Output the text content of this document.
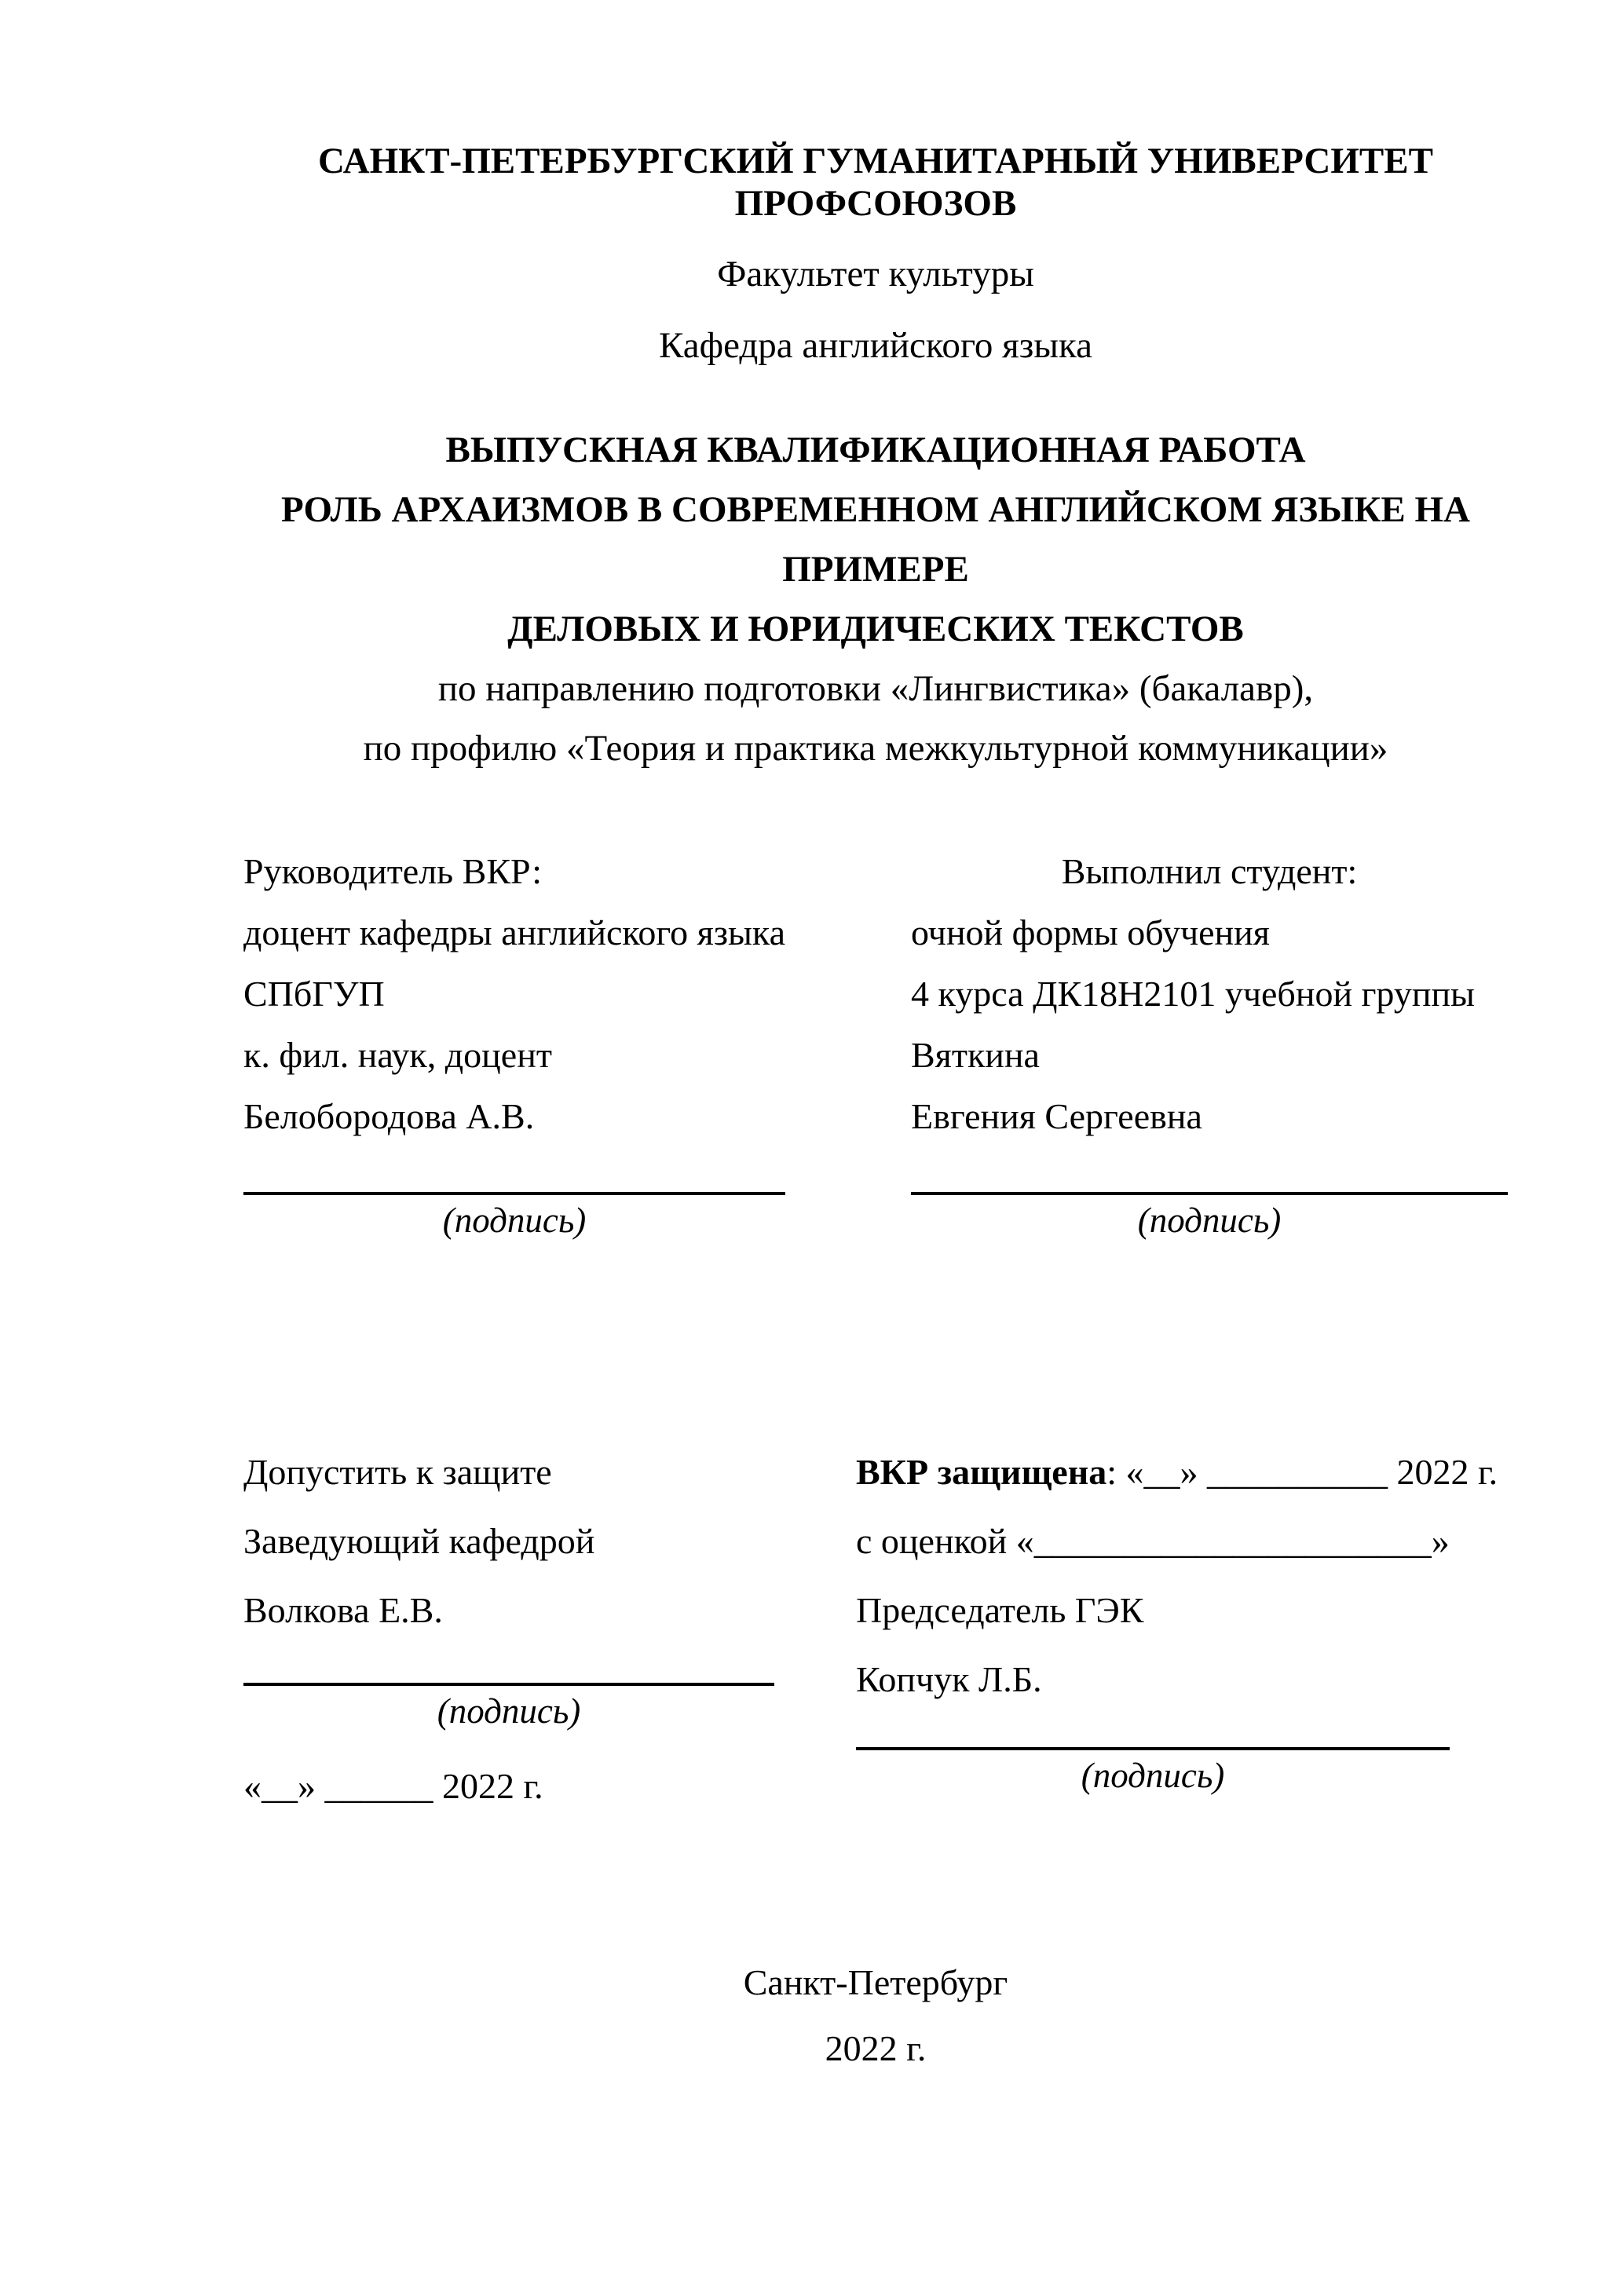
САНКТ-ПЕТЕРБУРГСКИЙ ГУМАНИТАРНЫЙ УНИВЕРСИТЕТ ПРОФСОЮЗОВ
Факультет культуры
Кафедра английского языка
ВЫПУСКНАЯ КВАЛИФИКАЦИОННАЯ РАБОТА
РОЛЬ АРХАИЗМОВ В СОВРЕМЕННОМ АНГЛИЙСКОМ ЯЗЫКЕ НА ПРИМЕРЕ
ДЕЛОВЫХ И ЮРИДИЧЕСКИХ ТЕКСТОВ
по направлению подготовки «Лингвистика» (бакалавр),
по профилю «Теория и практика межкультурной коммуникации»

Руководитель ВКР:

доцент кафедры английского языка

СПбГУП

к. фил. наук, доцент

Белобородова А.В.

(подпись)

Выполнил студент:

очной формы обучения

4 курса ДК18Н2101 учебной группы

Вяткина

Евгения Сергеевна

(подпись)

Допустить к защите

Заведующий кафедрой

Волкова Е.В.

(подпись)

«__» ______ 2022 г.

ВКР защищена: «__» __________ 2022 г.

с оценкой «______________________»

Председатель ГЭК

Копчук Л.Б.

(подпись)
Санкт-Петербург
2022 г.
